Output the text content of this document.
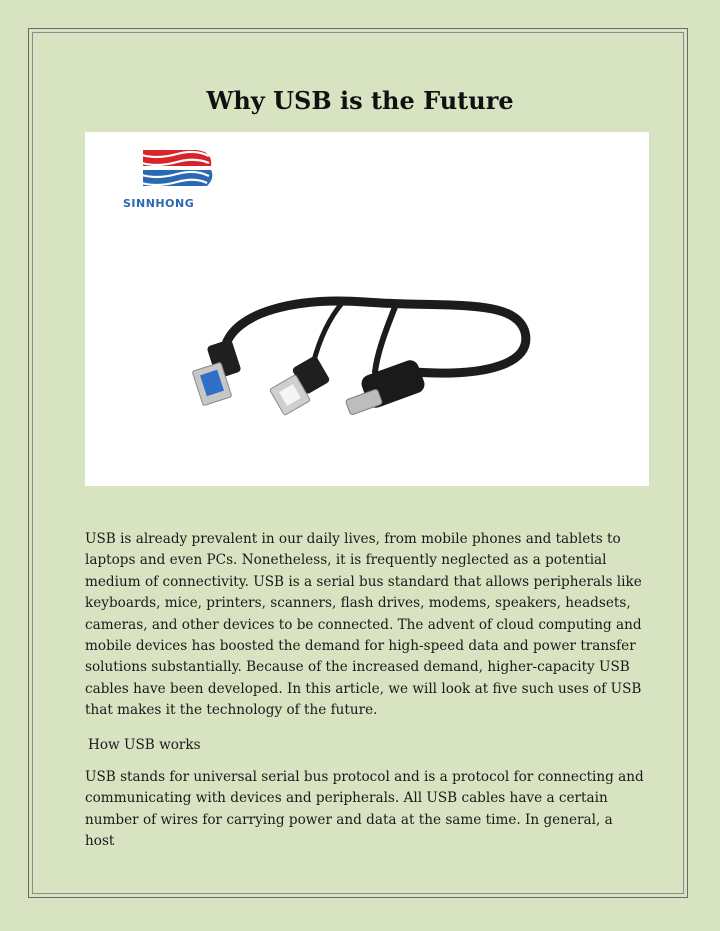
Why USB is the Future
SINNHONG

USB is already prevalent in our daily lives, from mobile phones and tablets to laptops and even PCs. Nonetheless, it is frequently neglected as a potential medium of connectivity. USB is a serial bus standard that allows peripherals like keyboards, mice, printers, scanners, flash drives, modems, speakers, headsets, cameras, and other devices to be connected. The advent of cloud computing and mobile devices has boosted the demand for high-speed data and power transfer solutions substantially. Because of the increased demand, higher-capacity USB cables have been developed. In this article, we will look at five such uses of USB that makes it the technology of the future.

How USB works

USB stands for universal serial bus protocol and is a protocol for connecting and communicating with devices and peripherals. All USB cables have a certain number of wires for carrying power and data at the same time. In general, a host
